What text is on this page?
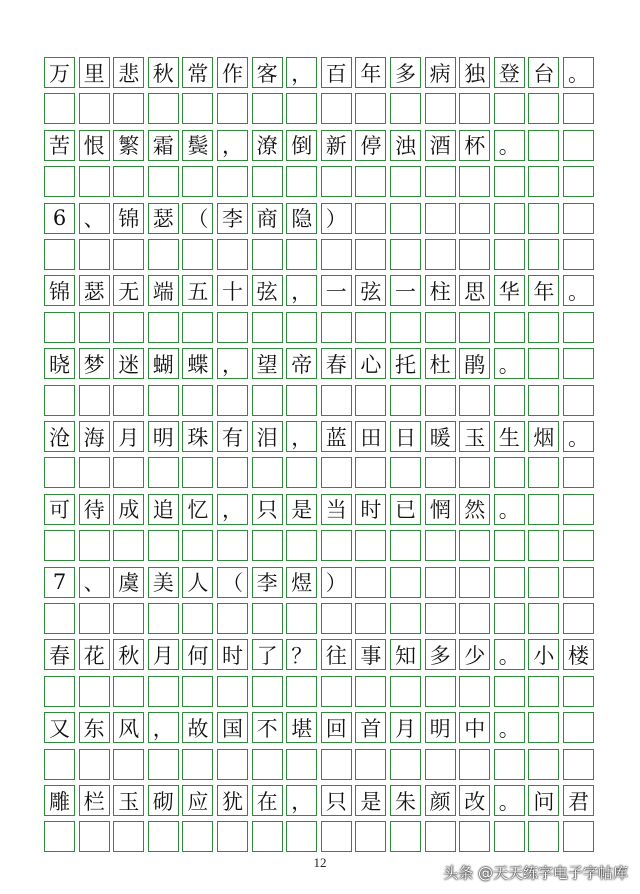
万 里 悲 秋 常 作 客 ， 百 年 多 病 独 登 台 。
苦 恨 繁 霜 鬓 ， 潦 倒 新 停 浊 酒 杯 。
6 、 锦 瑟 （ 李 商 隐 ）
锦 瑟 无 端 五 十 弦 ， 一 弦 一 柱 思 华 年 。
晓 梦 迷 蝴 蝶 ， 望 帝 春 心 托 杜 鹃 。
沧 海 月 明 珠 有 泪 ， 蓝 田 日 暖 玉 生 烟 。
可 待 成 追 忆 ， 只 是 当 时 已 惘 然 。
7 、 虞 美 人 （ 李 煜 ）
春 花 秋 月 何 时 了 ？ 往 事 知 多 少 。 小 楼
又 东 风 ， 故 国 不 堪 回 首 月 明 中 。
雕 栏 玉 砌 应 犹 在 ， 只 是 朱 颜 改 。 问 君
12
头条 @天天练字电子字帖库
